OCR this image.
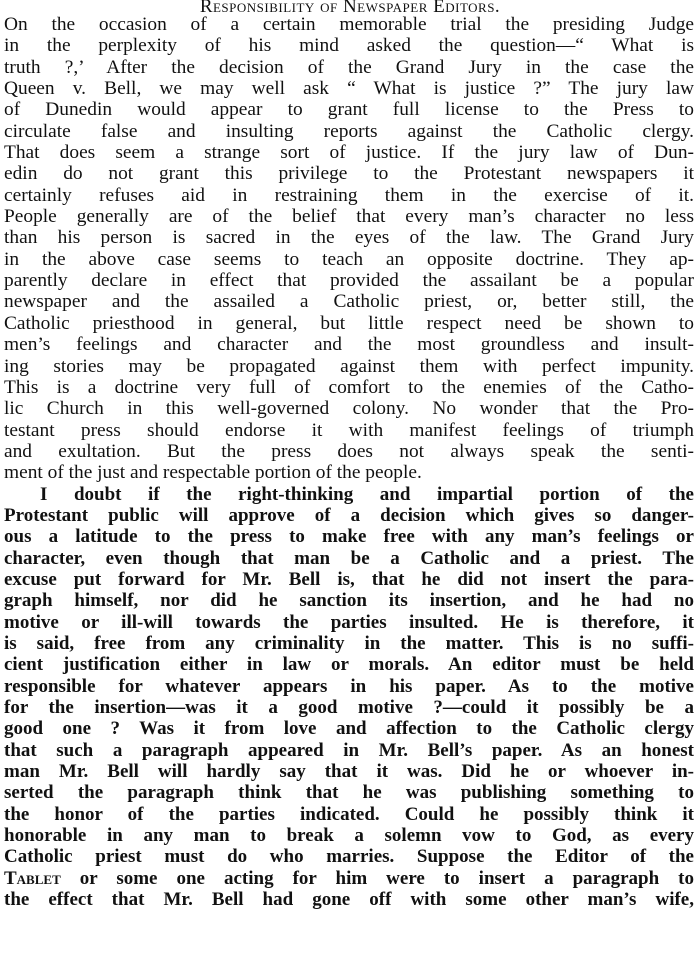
Responsibility of Newspaper Editors.
On the occasion of a certain memorable trial the presiding Judge
in the perplexity of his mind asked the question—“ What is
truth ?,’ After the decision of the Grand Jury in the case the
Queen v. Bell, we may well ask “ What is justice ?” The jury law
of Dunedin would appear to grant full license to the Press to
circulate false and insulting reports against the Catholic clergy.
That does seem a strange sort of justice. If the jury law of Dun-
edin do not grant this privilege to the Protestant newspapers it
certainly refuses aid in restraining them in the exercise of it.
People generally are of the belief that every man’s character no less
than his person is sacred in the eyes of the law. The Grand Jury
in the above case seems to teach an opposite doctrine. They ap-
parently declare in effect that provided the assailant be a popular
newspaper and the assailed a Catholic priest, or, better still, the
Catholic priesthood in general, but little respect need be shown to
men’s feelings and character and the most groundless and insult-
ing stories may be propagated against them with perfect impunity.
This is a doctrine very full of comfort to the enemies of the Catho-
lic Church in this well-governed colony. No wonder that the Pro-
testant press should endorse it with manifest feelings of triumph
and exultation. But the press does not always speak the senti-
ment of the just and respectable portion of the people.
I doubt if the right-thinking and impartial portion of the
Protestant public will approve of a decision which gives so danger-
ous a latitude to the press to make free with any man’s feelings or
character, even though that man be a Catholic and a priest. The
excuse put forward for Mr. Bell is, that he did not insert the para-
graph himself, nor did he sanction its insertion, and he had no
motive or ill-will towards the parties insulted. He is therefore, it
is said, free from any criminality in the matter. This is no suffi-
cient justification either in law or morals. An editor must be held
responsible for whatever appears in his paper. As to the motive
for the insertion—was it a good motive ?—could it possibly be a
good one ? Was it from love and affection to the Catholic clergy
that such a paragraph appeared in Mr. Bell’s paper. As an honest
man Mr. Bell will hardly say that it was. Did he or whoever in-
serted the paragraph think that he was publishing something to
the honor of the parties indicated. Could he possibly think it
honorable in any man to break a solemn vow to God, as every
Catholic priest must do who marries. Suppose the Editor of the
Tablet or some one acting for him were to insert a paragraph to
the effect that Mr. Bell had gone off with some other man’s wife,
